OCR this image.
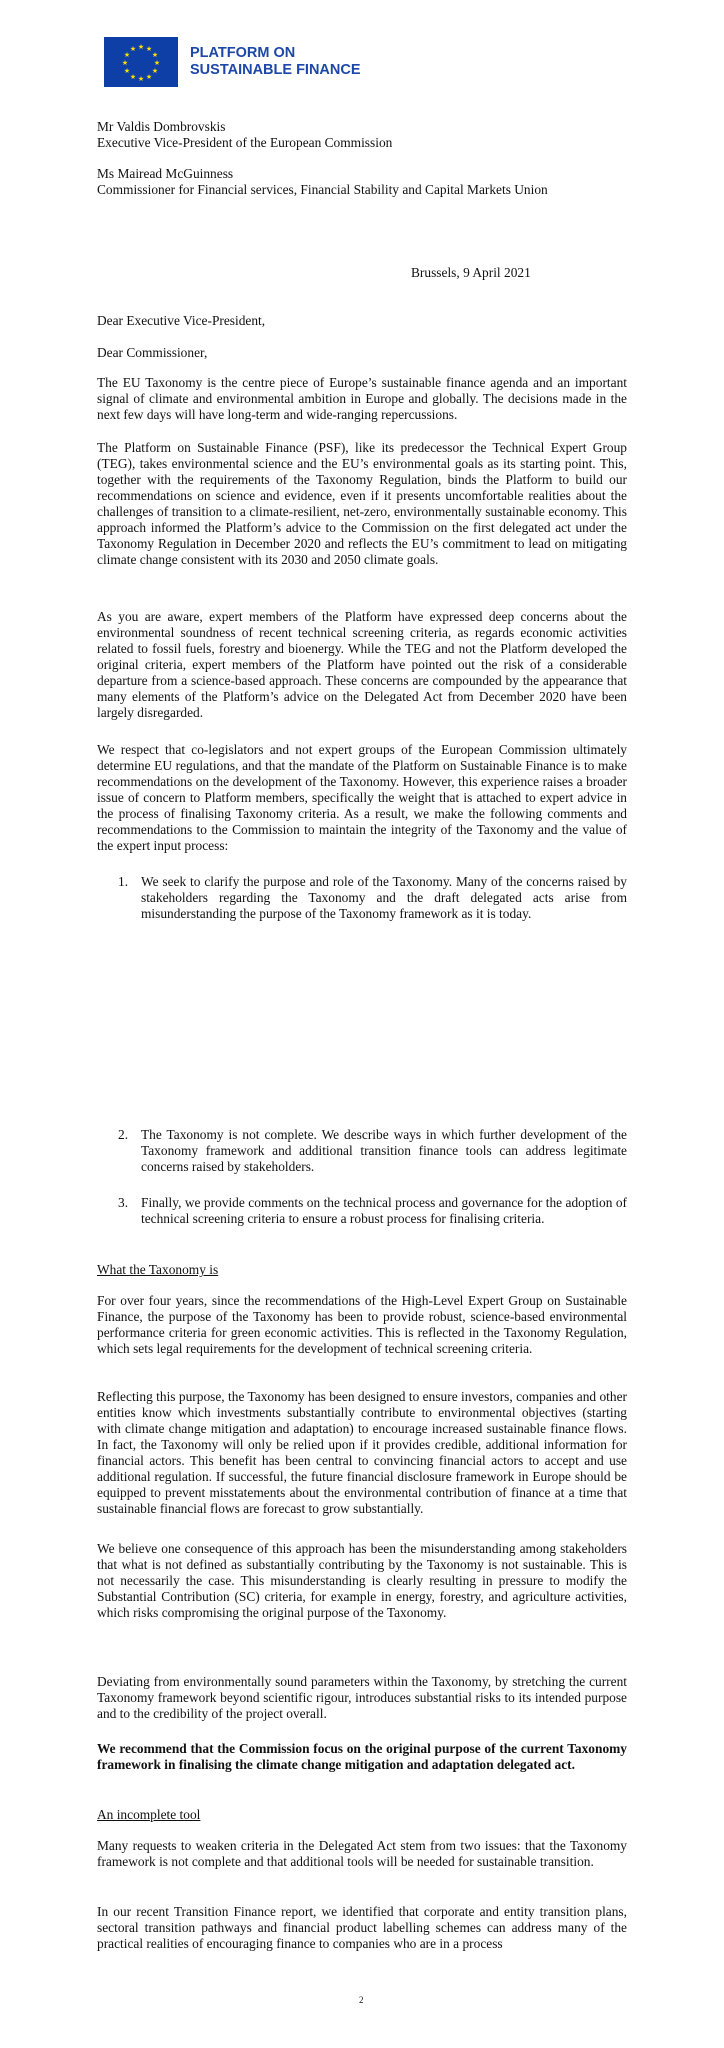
★ ★
★
★
★
★
★
★
★
★
★
★	PLATFORM ON
SUSTAINABLE FINANCE
Mr Valdis Dombrovskis
Executive Vice-President of the European Commission
Ms Mairead McGuinness
Commissioner for Financial services, Financial Stability and Capital Markets Union
Brussels, 9 April 2021
Dear Executive Vice-President,
Dear Commissioner,

The EU Taxonomy is the centre piece of Europe’s sustainable finance agenda and an important signal of climate and environmental ambition in Europe and globally. The decisions made in the next few days will have long-term and wide-ranging repercussions.

The Platform on Sustainable Finance (PSF), like its predecessor the Technical Expert Group (TEG), takes environmental science and the EU’s environmental goals as its starting point. This, together with the requirements of the Taxonomy Regulation, binds the Platform to build our recommendations on science and evidence, even if it presents uncomfortable realities about the challenges of transition to a climate-resilient, net-zero, environmentally sustainable economy. This approach informed the Platform’s advice to the Commission on the first delegated act under the Taxonomy Regulation in December 2020 and reflects the EU’s commitment to lead on mitigating climate change consistent with its 2030 and 2050 climate goals.

As you are aware, expert members of the Platform have expressed deep concerns about the environmental soundness of recent technical screening criteria, as regards economic activities related to fossil fuels, forestry and bioenergy. While the TEG and not the Platform developed the original criteria, expert members of the Platform have pointed out the risk of a considerable departure from a science-based approach. These concerns are compounded by the appearance that many elements of the Platform’s advice on the Delegated Act from December 2020 have been largely disregarded.

We respect that co-legislators and not expert groups of the European Commission ultimately determine EU regulations, and that the mandate of the Platform on Sustainable Finance is to make recommendations on the development of the Taxonomy. However, this experience raises a broader issue of concern to Platform members, specifically the weight that is attached to expert advice in the process of finalising Taxonomy criteria. As a result, we make the following comments and recommendations to the Commission to maintain the integrity of the Taxonomy and the value of the expert input process:

1. We seek to clarify the purpose and role of the Taxonomy. Many of the concerns raised by stakeholders regarding the Taxonomy and the draft delegated acts arise from misunderstanding the purpose of the Taxonomy framework as it is today.

2. The Taxonomy is not complete. We describe ways in which further development of the Taxonomy framework and additional transition finance tools can address legitimate concerns raised by stakeholders.

3. Finally, we provide comments on the technical process and governance for the adoption of technical screening criteria to ensure a robust process for finalising criteria.

What the Taxonomy is

For over four years, since the recommendations of the High-Level Expert Group on Sustainable Finance, the purpose of the Taxonomy has been to provide robust, science-based environmental performance criteria for green economic activities. This is reflected in the Taxonomy Regulation, which sets legal requirements for the development of technical screening criteria.

Reflecting this purpose, the Taxonomy has been designed to ensure investors, companies and other entities know which investments substantially contribute to environmental objectives (starting with climate change mitigation and adaptation) to encourage increased sustainable finance flows. In fact, the Taxonomy will only be relied upon if it provides credible, additional information for financial actors. This benefit has been central to convincing financial actors to accept and use additional regulation. If successful, the future financial disclosure framework in Europe should be equipped to prevent misstatements about the environmental contribution of finance at a time that sustainable financial flows are forecast to grow substantially.

We believe one consequence of this approach has been the misunderstanding among stakeholders that what is not defined as substantially contributing by the Taxonomy is not sustainable. This is not necessarily the case. This misunderstanding is clearly resulting in pressure to modify the Substantial Contribution (SC) criteria, for example in energy, forestry, and agriculture activities, which risks compromising the original purpose of the Taxonomy.

Deviating from environmentally sound parameters within the Taxonomy, by stretching the current Taxonomy framework beyond scientific rigour, introduces substantial risks to its intended purpose and to the credibility of the project overall.

We recommend that the Commission focus on the original purpose of the current Taxonomy framework in finalising the climate change mitigation and adaptation delegated act.

An incomplete tool

Many requests to weaken criteria in the Delegated Act stem from two issues: that the Taxonomy framework is not complete and that additional tools will be needed for sustainable transition.

In our recent Transition Finance report, we identified that corporate and entity transition plans, sectoral transition pathways and financial product labelling schemes can address many of the practical realities of encouraging finance to companies who are in a process

2
